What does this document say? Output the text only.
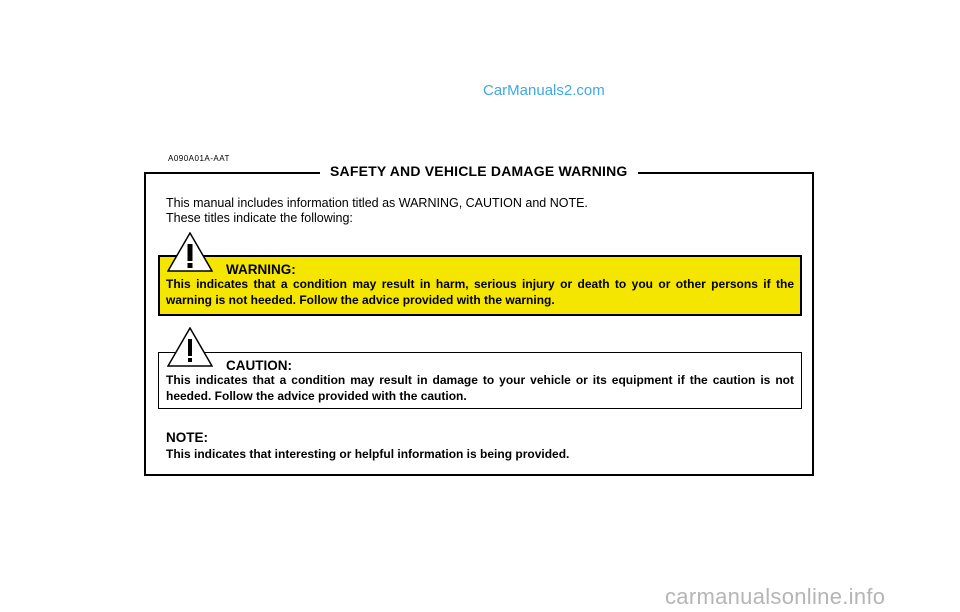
CarManuals2.com
A090A01A-AAT
SAFETY AND VEHICLE DAMAGE WARNING
This manual includes information titled as WARNING, CAUTION and NOTE.
These titles indicate the following:
WARNING:
This indicates that a condition may result in harm, serious injury or death to you or other persons if the warning is not heeded. Follow the advice provided with the warning.
CAUTION:
This indicates that a condition may result in damage to your vehicle or its equipment if the caution is not heeded. Follow the advice provided with the caution.
NOTE:
This indicates that interesting or helpful information is being provided.
carmanualsonline.info
